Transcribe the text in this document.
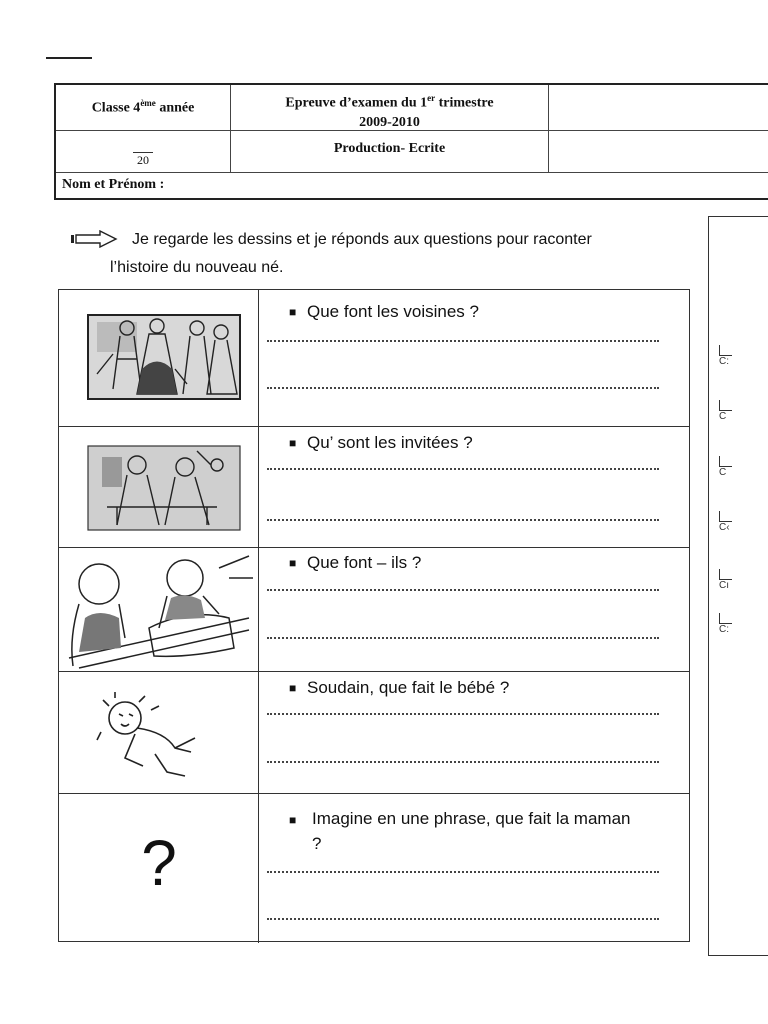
Classe 4ème année	Epreuve d’examen du 1er trimestre
2009-2010
20
Production- Ecrite
Nom et Prénom :
Je regarde les dessins et je réponds aux questions pour raconter
l’histoire du nouveau né.
■ Que font les voisines ?
■ Qu’ sont les invitées ?
■ Que font – ils ?
■ Soudain, que fait le bébé ?
?
■ Imagine en une phrase, que fait la maman ?
C:
C
C
C‹
Cı
C:
